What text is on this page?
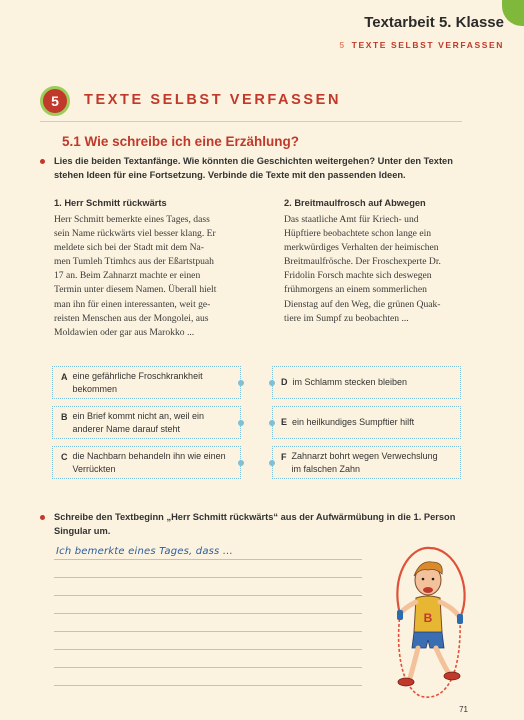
Textarbeit 5. Klasse
5 TEXTE SELBST VERFASSEN
5	TEXTE SELBST VERFASSEN
5.1 Wie schreibe ich eine Erzählung?
Lies die beiden Textanfänge. Wie könnten die Geschichten weitergehen? Unter den Texten
stehen Ideen für eine Fortsetzung. Verbinde die Texte mit den passenden Ideen.
1. Herr Schmitt rückwärts
Herr Schmitt bemerkte eines Tages, dass
sein Name rückwärts viel besser klang. Er
meldete sich bei der Stadt mit dem Na-
men Tumleh Ttimhcs aus der Eßartstpuah
17 an. Beim Zahnarzt machte er einen
Termin unter diesem Namen. Überall hielt
man ihn für einen interessanten, weit ge-
reisten Menschen aus der Mongolei, aus
Moldawien oder gar aus Marokko ...
2. Breitmaulfrosch auf Abwegen
Das staatliche Amt für Kriech- und
Hüpftiere beobachtete schon lange ein
merkwürdiges Verhalten der heimischen
Breitmaulfrösche. Der Froschexperte Dr.
Fridolin Forsch machte sich deswegen
frühmorgens an einem sommerlichen
Dienstag auf den Weg, die grünen Quak-
tiere im Sumpf zu beobachten ...
A eine gefährliche Froschkrankheit
bekommen
B ein Brief kommt nicht an, weil ein
anderer Name darauf steht
C die Nachbarn behandeln ihn wie einen
Verrückten
D im Schlamm stecken bleiben
E ein heilkundiges Sumpftier hilft
F Zahnarzt bohrt wegen Verwechslung
im falschen Zahn
Schreibe den Textbeginn „Herr Schmitt rückwärts“ aus der Aufwärmübung in die 1. Person
Singular um.
Ich bemerkte eines Tages, dass ...
B
71
